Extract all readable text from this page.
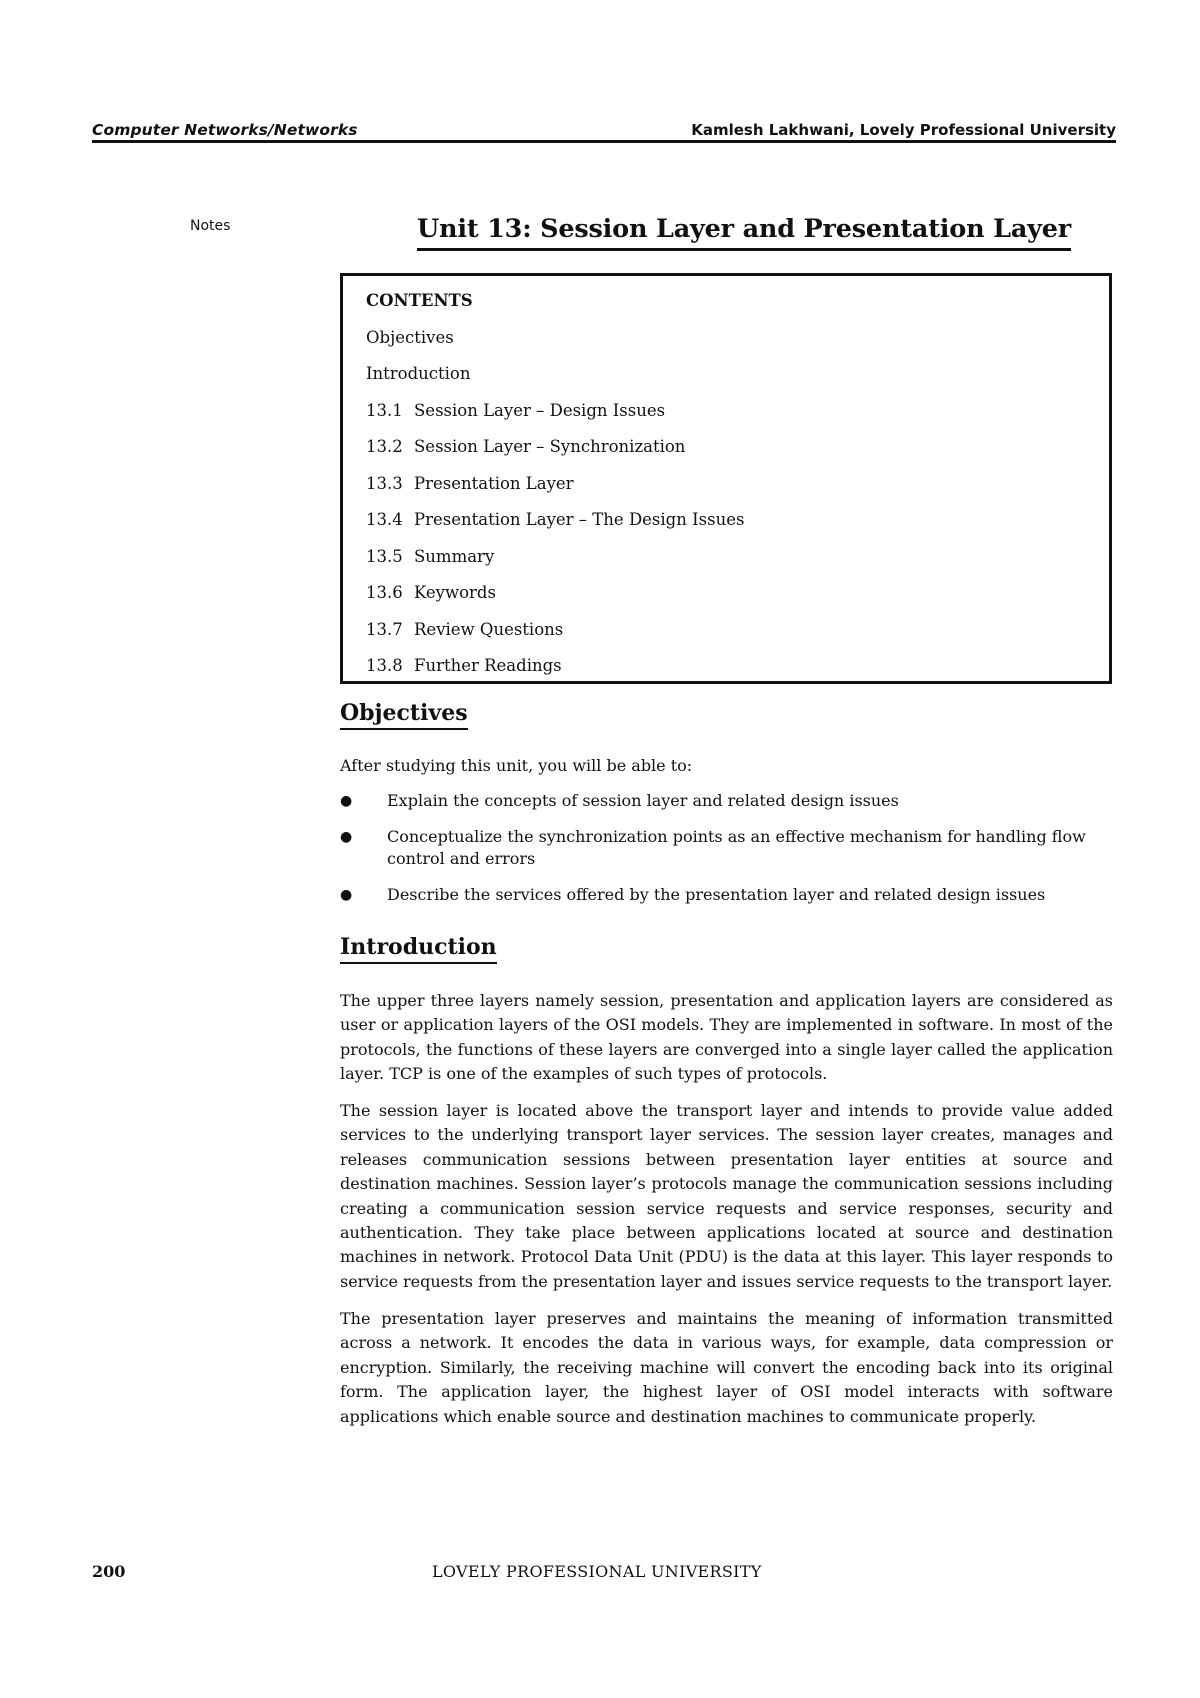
Computer Networks/Networks	Kamlesh Lakhwani, Lovely Professional University
Notes	Unit 13: Session Layer and Presentation Layer
CONTENTS
Objectives
Introduction
13.1 Session Layer – Design Issues
13.2 Session Layer – Synchronization
13.3 Presentation Layer
13.4 Presentation Layer – The Design Issues
13.5 Summary
13.6 Keywords
13.7 Review Questions
13.8 Further Readings
Objectives

After studying this unit, you will be able to:

● Explain the concepts of session layer and related design issues
● Conceptualize the synchronization points as an effective mechanism for handling flow control and errors
● Describe the services offered by the presentation layer and related design issues
Introduction

The upper three layers namely session, presentation and application layers are considered as user or application layers of the OSI models. They are implemented in software. In most of the protocols, the functions of these layers are converged into a single layer called the application layer. TCP is one of the examples of such types of protocols.

The session layer is located above the transport layer and intends to provide value added services to the underlying transport layer services. The session layer creates, manages and releases communication sessions between presentation layer entities at source and destination machines. Session layer’s protocols manage the communication sessions including creating a communication session service requests and service responses, security and authentication. They take place between applications located at source and destination machines in network. Protocol Data Unit (PDU) is the data at this layer. This layer responds to service requests from the presentation layer and issues service requests to the transport layer.

The presentation layer preserves and maintains the meaning of information transmitted across a network. It encodes the data in various ways, for example, data compression or encryption. Similarly, the receiving machine will convert the encoding back into its original form. The application layer, the highest layer of OSI model interacts with software applications which enable source and destination machines to communicate properly.

200	LOVELY PROFESSIONAL UNIVERSITY
